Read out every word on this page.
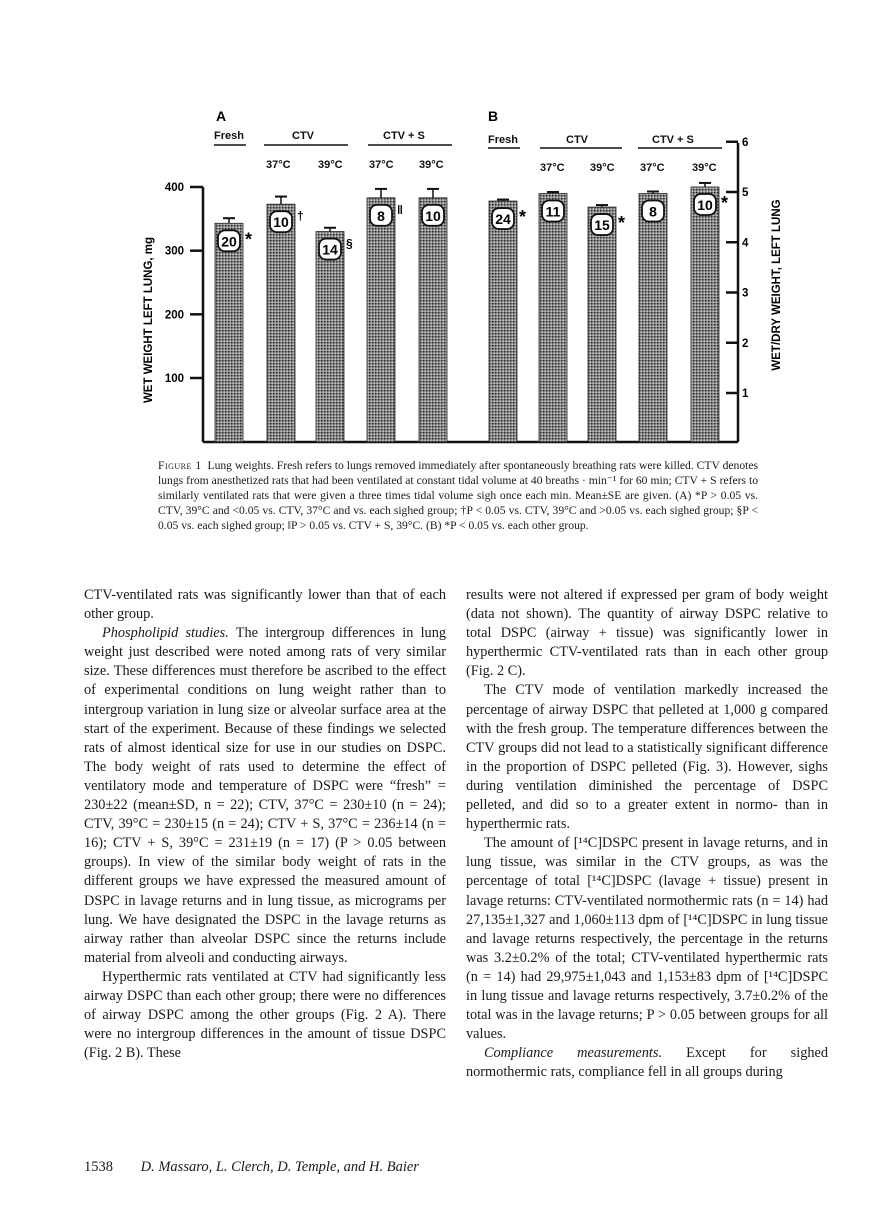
A	B
Fresh	CTV	CTV + S	Fresh	CTV	CTV + S
37°C 39°C 37°C 39°C	37°C 39°C 37°C 39°C
WET WEIGHT LEFT LUNG, mg	WET/DRY WEIGHT, LEFT LUNG
100
200
300
400
1
2
3
4
5
6
20 *
10 †
14 §
8 ǁ 10	24 * 11
15 *
8	10 *
Figure 1 Lung weights. Fresh refers to lungs removed immediately after spontaneously breathing rats were killed. CTV denotes lungs from anesthetized rats that had been ventilated at constant tidal volume at 40 breaths · min⁻¹ for 60 min; CTV + S refers to similarly ventilated rats that were given a three times tidal volume sigh once each min. Mean±SE are given. (A) *P > 0.05 vs. CTV, 39°C and <0.05 vs. CTV, 37°C and vs. each sighed group; †P < 0.05 vs. CTV, 39°C and >0.05 vs. each sighed group; §P < 0.05 vs. each sighed group; ǁP > 0.05 vs. CTV + S, 39°C. (B) *P < 0.05 vs. each other group.

CTV-ventilated rats was significantly lower than that of each other group.

Phospholipid studies. The intergroup differences in lung weight just described were noted among rats of very similar size. These differences must therefore be ascribed to the effect of experimental conditions on lung weight rather than to intergroup variation in lung size or alveolar surface area at the start of the experiment. Because of these findings we selected rats of almost identical size for use in our studies on DSPC. The body weight of rats used to determine the effect of ventilatory mode and temperature of DSPC were “fresh” = 230±22 (mean±SD, n = 22); CTV, 37°C = 230±10 (n = 24); CTV, 39°C = 230±15 (n = 24); CTV + S, 37°C = 236±14 (n = 16); CTV + S, 39°C = 231±19 (n = 17) (P > 0.05 between groups). In view of the similar body weight of rats in the different groups we have expressed the measured amount of DSPC in lavage returns and in lung tissue, as micrograms per lung. We have designated the DSPC in the lavage returns as airway rather than alveolar DSPC since the returns include material from alveoli and conducting airways.

Hyperthermic rats ventilated at CTV had significantly less airway DSPC than each other group; there were no differences of airway DSPC among the other groups (Fig. 2 A). There were no intergroup differences in the amount of tissue DSPC (Fig. 2 B). These

results were not altered if expressed per gram of body weight (data not shown). The quantity of airway DSPC relative to total DSPC (airway + tissue) was significantly lower in hyperthermic CTV-ventilated rats than in each other group (Fig. 2 C).

The CTV mode of ventilation markedly increased the percentage of airway DSPC that pelleted at 1,000 g compared with the fresh group. The temperature differences between the CTV groups did not lead to a statistically significant difference in the proportion of DSPC pelleted (Fig. 3). However, sighs during ventilation diminished the percentage of DSPC pelleted, and did so to a greater extent in normo- than in hyperthermic rats.

The amount of [¹⁴C]DSPC present in lavage returns, and in lung tissue, was similar in the CTV groups, as was the percentage of total [¹⁴C]DSPC (lavage + tissue) present in lavage returns: CTV-ventilated normothermic rats (n = 14) had 27,135±1,327 and 1,060±113 dpm of [¹⁴C]DSPC in lung tissue and lavage returns respectively, the percentage in the returns was 3.2±0.2% of the total; CTV-ventilated hyperthermic rats (n = 14) had 29,975±1,043 and 1,153±83 dpm of [¹⁴C]DSPC in lung tissue and lavage returns respectively, 3.7±0.2% of the total was in the lavage returns; P > 0.05 between groups for all values.

Compliance measurements. Except for sighed normothermic rats, compliance fell in all groups during

1538 D. Massaro, L. Clerch, D. Temple, and H. Baier
